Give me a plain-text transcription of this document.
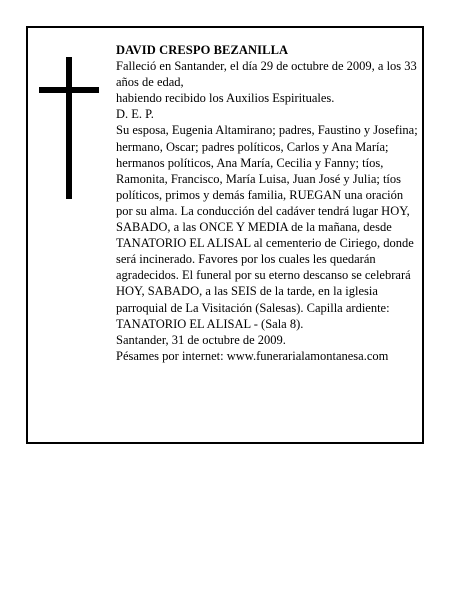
DAVID CRESPO BEZANILLA

Falleció en Santander, el día 29 de octubre de 2009, a los 33 años de edad,

habiendo recibido los Auxilios Espirituales.

D. E. P.

Su esposa, Eugenia Altamirano; padres, Faustino y Josefina; hermano, Oscar; padres políticos, Carlos y Ana María; hermanos políticos, Ana María, Cecilia y Fanny; tíos, Ramonita, Francisco, María Luisa, Juan José y Julia; tíos políticos, primos y demás familia, RUEGAN una oración por su alma. La conducción del cadáver tendrá lugar HOY, SABADO, a las ONCE Y MEDIA de la mañana, desde TANATORIO EL ALISAL al cementerio de Ciriego, donde será incinerado. Favores por los cuales les quedarán agradecidos. El funeral por su eterno descanso se celebrará HOY, SABADO, a las SEIS de la tarde, en la iglesia parroquial de La Visitación (Salesas). Capilla ardiente: TANATORIO EL ALISAL - (Sala 8).

Santander, 31 de octubre de 2009.

Pésames por internet: www.funerarialamontanesa.com
